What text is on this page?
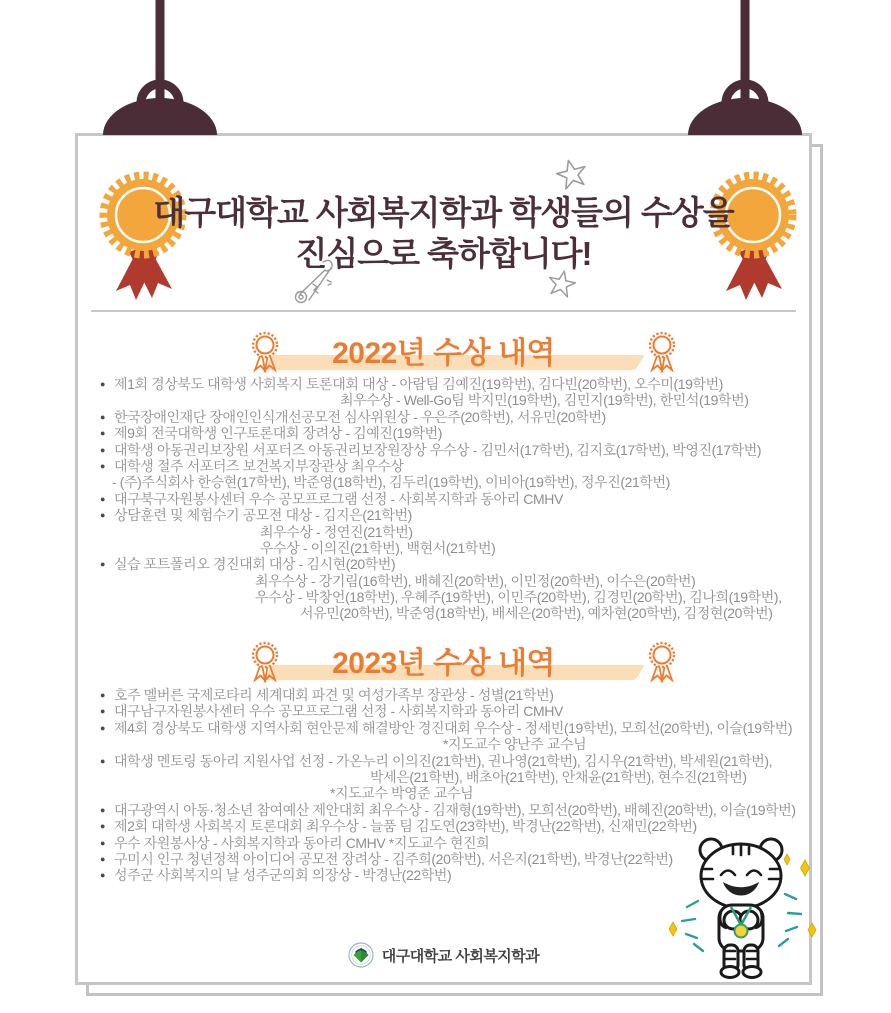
대구대학교 사회복지학과 학생들의 수상을
진심으로 축하합니다!
2022년 수상 내역
● 제1회 경상북도 대학생 사회복지 토론대회 대상 - 아람팀 김예진(19학번), 김다빈(20학번), 오수미(19학번)
최우수상 - Well-Go팀 박지민(19학번), 김민지(19학번), 한민석(19학번)
● 한국장애인재단 장애인인식개선공모전 심사위원상 - 우은주(20학번), 서유민(20학번)
● 제9회 전국대학생 인구토론대회 장려상 - 김예진(19학번)
● 대학생 아동권리보장원 서포터즈 아동권리보장원장상 우수상 - 김민서(17학번), 김지호(17학번), 박영진(17학번)
● 대학생 절주 서포터즈 보건복지부장관상 최우수상
- (주)주식회사 한승현(17학번), 박준영(18학번), 김두리(19학번), 이비아(19학번), 정우진(21학번)
● 대구북구자원봉사센터 우수 공모프로그램 선정 - 사회복지학과 동아리 CMHV
● 상담훈련 및 체험수기 공모전 대상 - 김지은(21학번)
최우수상 - 정연진(21학번)
우수상 - 이의진(21학번), 백현서(21학번)
● 실습 포트폴리오 경진대회 대상 - 김시현(20학번)
최우수상 - 강기림(16학번), 배혜진(20학번), 이민정(20학번), 이수은(20학번)
우수상 - 박창언(18학번), 우혜주(19학번), 이민주(20학번), 김경민(20학번), 김나희(19학번),
서유민(20학번), 박준영(18학번), 배세은(20학번), 예차현(20학번), 김정현(20학번)
2023년 수상 내역
● 호주 멜버른 국제로타리 세계대회 파견 및 여성가족부 장관상 - 성별(21학번)
● 대구남구자원봉사센터 우수 공모프로그램 선정 - 사회복지학과 동아리 CMHV
● 제4회 경상북도 대학생 지역사회 현안문제 해결방안 경진대회 우수상 - 정세빈(19학번), 모희선(20학번), 이슬(19학번)
*지도교수 양난주 교수님
● 대학생 멘토링 동아리 지원사업 선정 - 가온누리 이의진(21학번), 권나영(21학번), 김시우(21학번), 박세원(21학번),
박세은(21학번), 배초아(21학번), 안채윤(21학번), 현수진(21학번)
*지도교수 박영준 교수님
● 대구광역시 아동·청소년 참여예산 제안대회 최우수상 - 김재형(19학번), 모희선(20학번), 배혜진(20학번), 이슬(19학번)
● 제2회 대학생 사회복지 토론대회 최우수상 - 늘품 팀 김도연(23학번), 박경난(22학번), 신재민(22학번)
● 우수 자원봉사상 - 사회복지학과 동아리 CMHV *지도교수 현진희
● 구미시 인구 청년정책 아이디어 공모전 장려상 - 김주희(20학번), 서은지(21학번), 박경난(22학번)
● 성주군 사회복지의 날 성주군의회 의장상 - 박경난(22학번)
대구대학교 사회복지학과
